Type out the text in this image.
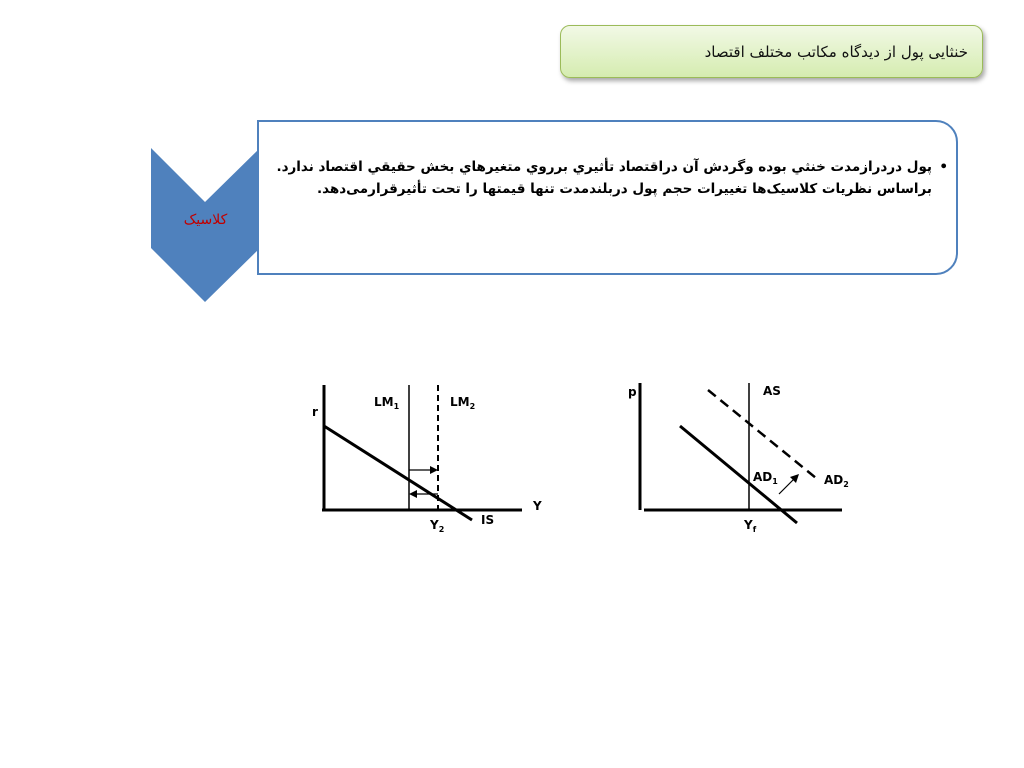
خنثایی پول از دیدگاه مکاتب مختلف اقتصاد
کلاسیک
• پول دردرازمدت خنثي بوده وگردش آن دراقتصاد تأثيري برروي متغيرهاي بخش حقيقي اقتصاد ندارد.
براساس نظریات کلاسیک‌ها تغییرات حجم پول دربلندمدت تنها قیمتها را تحت تأثیرقرارمی‌دهد.
r
Y
$LM_1$	$LM_2$
IS
$Y_2$
p	AS
$AD_1$	$AD_2$
$Y_f$
